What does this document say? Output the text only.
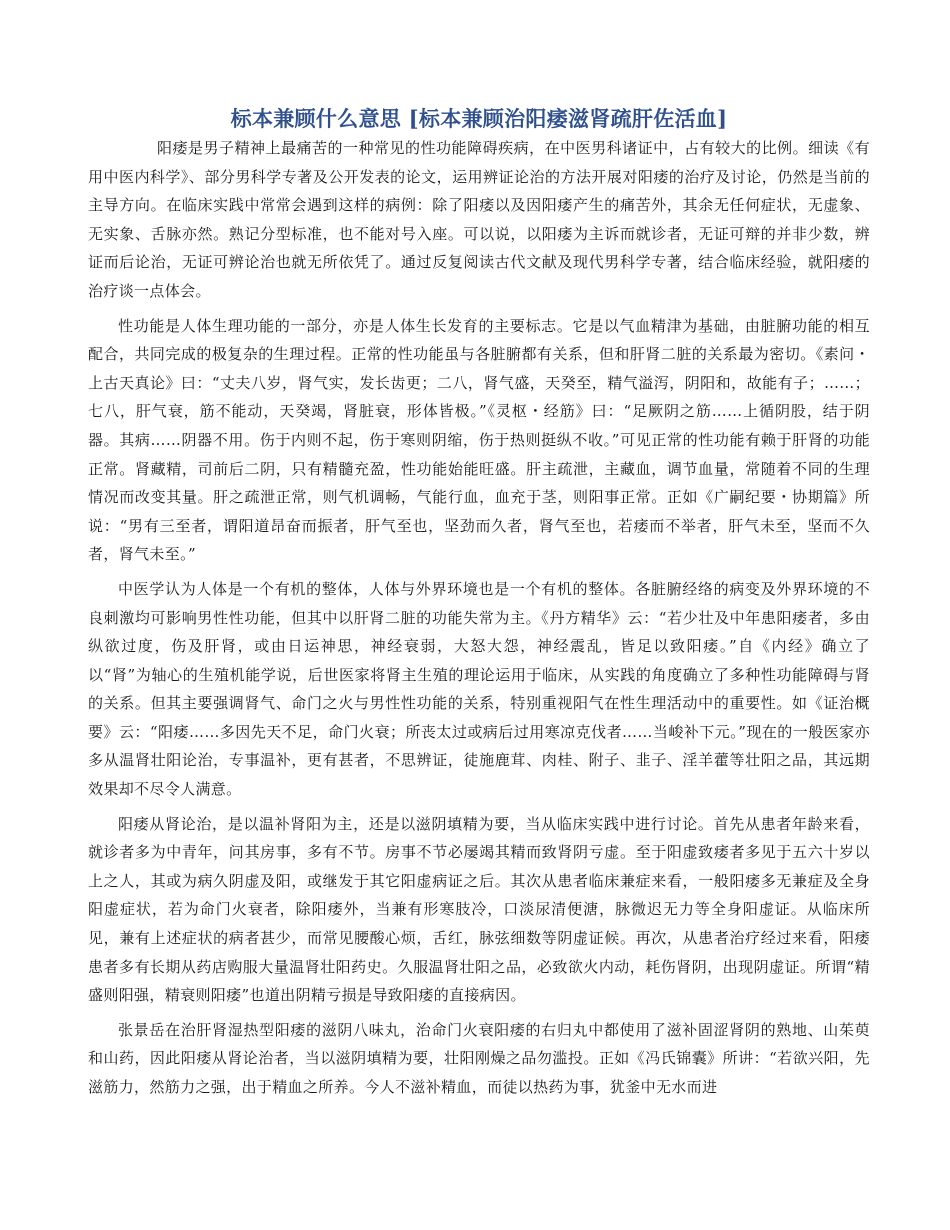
标本兼顾什么意思 [标本兼顾治阳痿滋肾疏肝佐活血]

阳痿是男子精神上最痛苦的一种常见的性功能障碍疾病，在中医男科诸证中，占有较大的比例。细读《有用中医内科学》、部分男科学专著及公开发表的论文，运用辨证论治的方法开展对阳痿的治疗及讨论，仍然是当前的主导方向。在临床实践中常常会遇到这样的病例：除了阳痿以及因阳痿产生的痛苦外，其余无任何症状，无虚象、无实象、舌脉亦然。熟记分型标准，也不能对号入座。可以说，以阳痿为主诉而就诊者，无证可辩的并非少数，辨证而后论治，无证可辨论治也就无所依凭了。通过反复阅读古代文献及现代男科学专著，结合临床经验，就阳痿的治疗谈一点体会。

性功能是人体生理功能的一部分，亦是人体生长发育的主要标志。它是以气血精津为基础，由脏腑功能的相互配合，共同完成的极复杂的生理过程。正常的性功能虽与各脏腑都有关系，但和肝肾二脏的关系最为密切。《素问・上古天真论》曰：“丈夫八岁，肾气实，发长齿更；二八，肾气盛，天癸至，精气溢泻，阴阳和，故能有子；……；七八，肝气衰，筋不能动，天癸竭，肾脏衰，形体皆极。”《灵枢・经筋》曰：“足厥阴之筋……上循阴股，结于阴器。其病……阴器不用。伤于内则不起，伤于寒则阴缩，伤于热则挺纵不收。”可见正常的性功能有赖于肝肾的功能正常。肾藏精，司前后二阴，只有精髓充盈，性功能始能旺盛。肝主疏泄，主藏血，调节血量，常随着不同的生理情况而改变其量。肝之疏泄正常，则气机调畅，气能行血，血充于茎，则阳事正常。正如《广嗣纪要・协期篇》所说：“男有三至者，谓阳道昂奋而振者，肝气至也，坚劲而久者，肾气至也，若痿而不举者，肝气未至，坚而不久者，肾气未至。”

中医学认为人体是一个有机的整体，人体与外界环境也是一个有机的整体。各脏腑经络的病变及外界环境的不良刺激均可影响男性性功能，但其中以肝肾二脏的功能失常为主。《丹方精华》云：“若少壮及中年患阳痿者，多由纵欲过度，伤及肝肾，或由日运神思，神经衰弱，大怒大怨，神经震乱，皆足以致阳痿。”自《内经》确立了以“肾”为轴心的生殖机能学说，后世医家将肾主生殖的理论运用于临床，从实践的角度确立了多种性功能障碍与肾的关系。但其主要强调肾气、命门之火与男性性功能的关系，特别重视阳气在性生理活动中的重要性。如《证治概要》云：“阳痿……多因先天不足，命门火衰；所丧太过或病后过用寒凉克伐者……当峻补下元。”现在的一般医家亦多从温肾壮阳论治，专事温补，更有甚者，不思辨证，徒施鹿茸、肉桂、附子、韭子、淫羊藿等壮阳之品，其远期效果却不尽令人满意。

阳痿从肾论治，是以温补肾阳为主，还是以滋阴填精为要，当从临床实践中进行讨论。首先从患者年龄来看，就诊者多为中青年，问其房事，多有不节。房事不节必屡竭其精而致肾阴亏虚。至于阳虚致痿者多见于五六十岁以上之人，其或为病久阴虚及阳，或继发于其它阳虚病证之后。其次从患者临床兼症来看，一般阳痿多无兼症及全身阳虚症状，若为命门火衰者，除阳痿外，当兼有形寒肢冷，口淡尿清便溏，脉微迟无力等全身阳虚证。从临床所见，兼有上述症状的病者甚少，而常见腰酸心烦，舌红，脉弦细数等阴虚证候。再次，从患者治疗经过来看，阳痿患者多有长期从药店购服大量温肾壮阳药史。久服温肾壮阳之品，必致欲火内动，耗伤肾阴，出现阴虚证。所谓“精盛则阳强，精衰则阳痿”也道出阴精亏损是导致阳痿的直接病因。

张景岳在治肝肾湿热型阳痿的滋阴八味丸，治命门火衰阳痿的右归丸中都使用了滋补固涩肾阴的熟地、山茱萸和山药，因此阳痿从肾论治者，当以滋阴填精为要，壮阳刚燥之品勿滥投。正如《冯氏锦囊》所讲：“若欲兴阳，先滋筋力，然筋力之强，出于精血之所养。今人不滋补精血，而徒以热药为事，犹釜中无水而进
